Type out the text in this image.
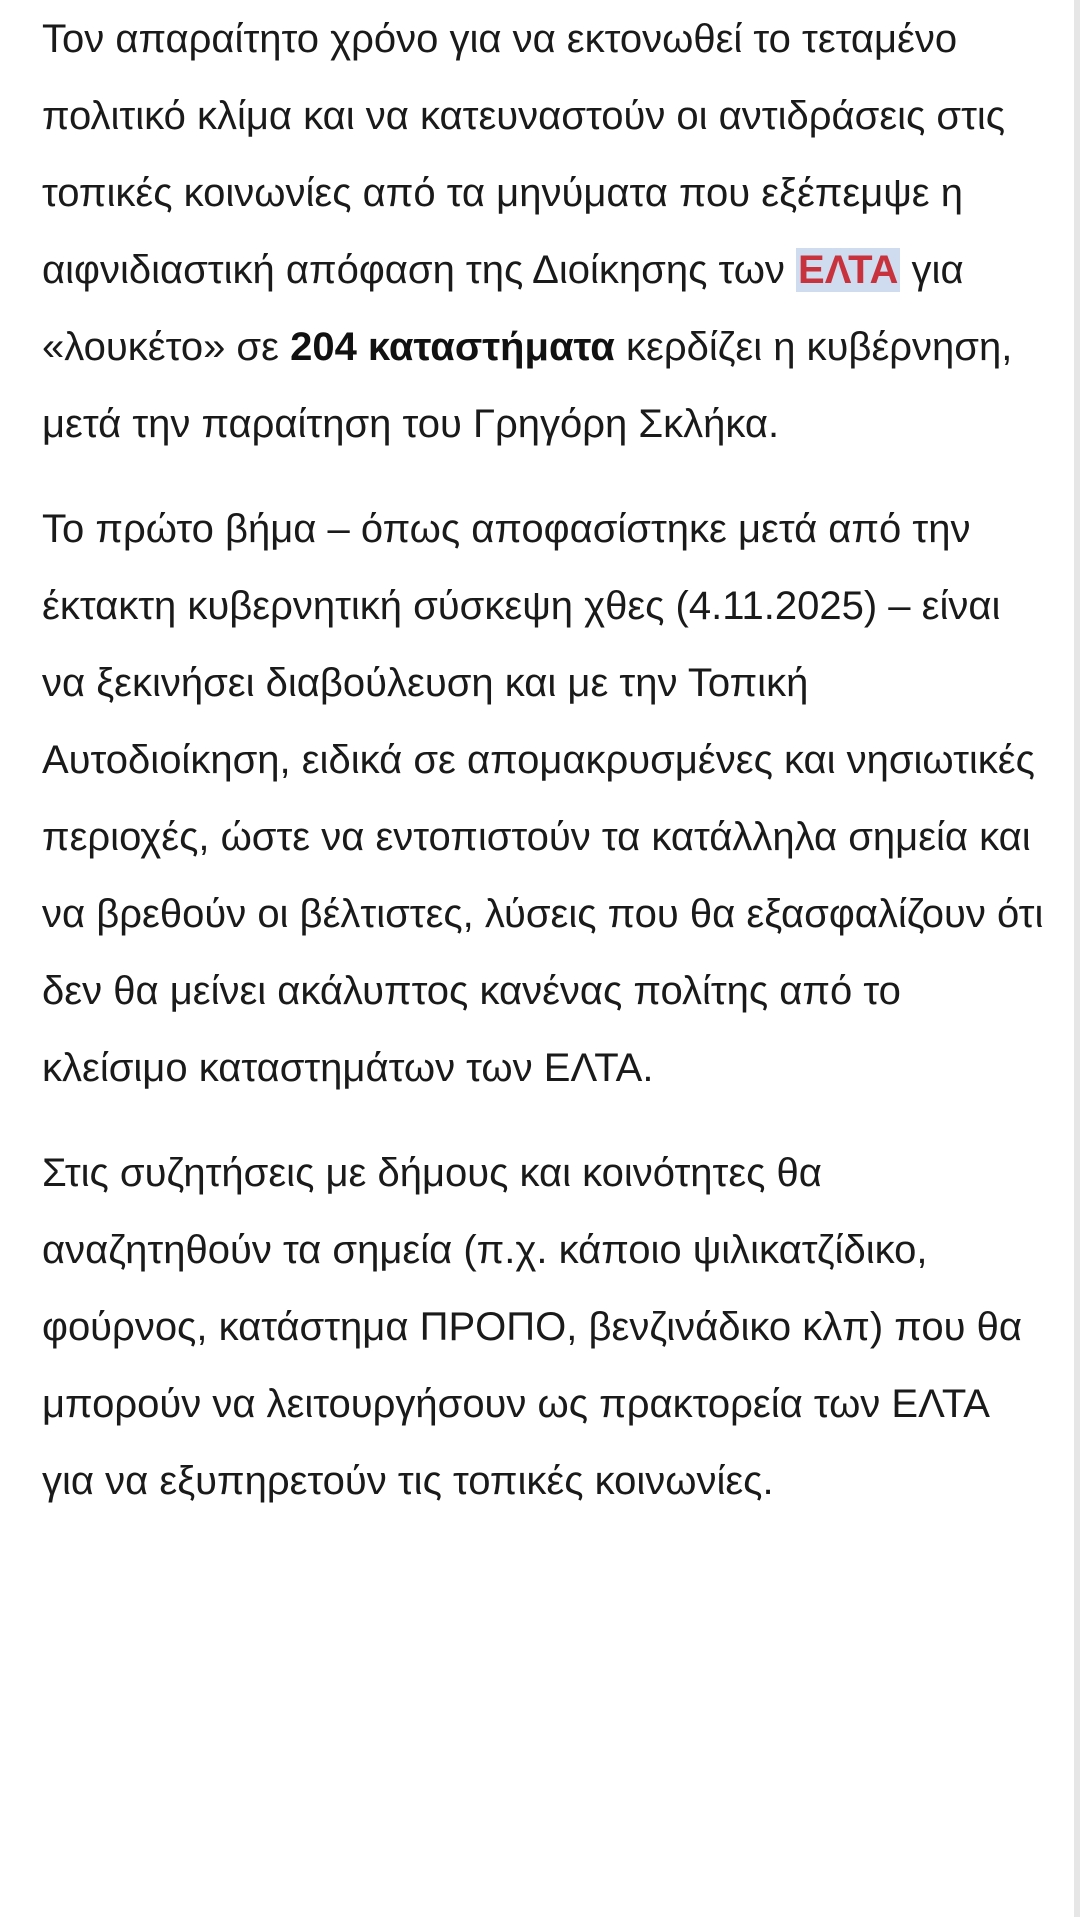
Τον απαραίτητο χρόνο για να εκτονωθεί το τεταμένο πολιτικό κλίμα και να κατευναστούν οι αντιδράσεις στις τοπικές κοινωνίες από τα μηνύματα που εξέπεμψε η αιφνιδιαστική απόφαση της Διοίκησης των ΕΛΤΑ για «λουκέτο» σε 204 καταστήματα κερδίζει η κυβέρνηση, μετά την παραίτηση του Γρηγόρη Σκλήκα.

Το πρώτο βήμα – όπως αποφασίστηκε μετά από την έκτακτη κυβερνητική σύσκεψη χθες (4.11.2025) – είναι να ξεκινήσει διαβούλευση και με την Τοπική Αυτοδιοίκηση, ειδικά σε απομακρυσμένες και νησιωτικές περιοχές, ώστε να εντοπιστούν τα κατάλληλα σημεία και να βρεθούν οι βέλτιστες, λύσεις που θα εξασφαλίζουν ότι δεν θα μείνει ακάλυπτος κανένας πολίτης από το κλείσιμο καταστημάτων των ΕΛΤΑ.

Στις συζητήσεις με δήμους και κοινότητες θα αναζητηθούν τα σημεία (π.χ. κάποιο ψιλικατζίδικο, φούρνος, κατάστημα ΠΡΟΠΟ, βενζινάδικο κλπ) που θα μπορούν να λειτουργήσουν ως πρακτορεία των ΕΛΤΑ για να εξυπηρετούν τις τοπικές κοινωνίες.
